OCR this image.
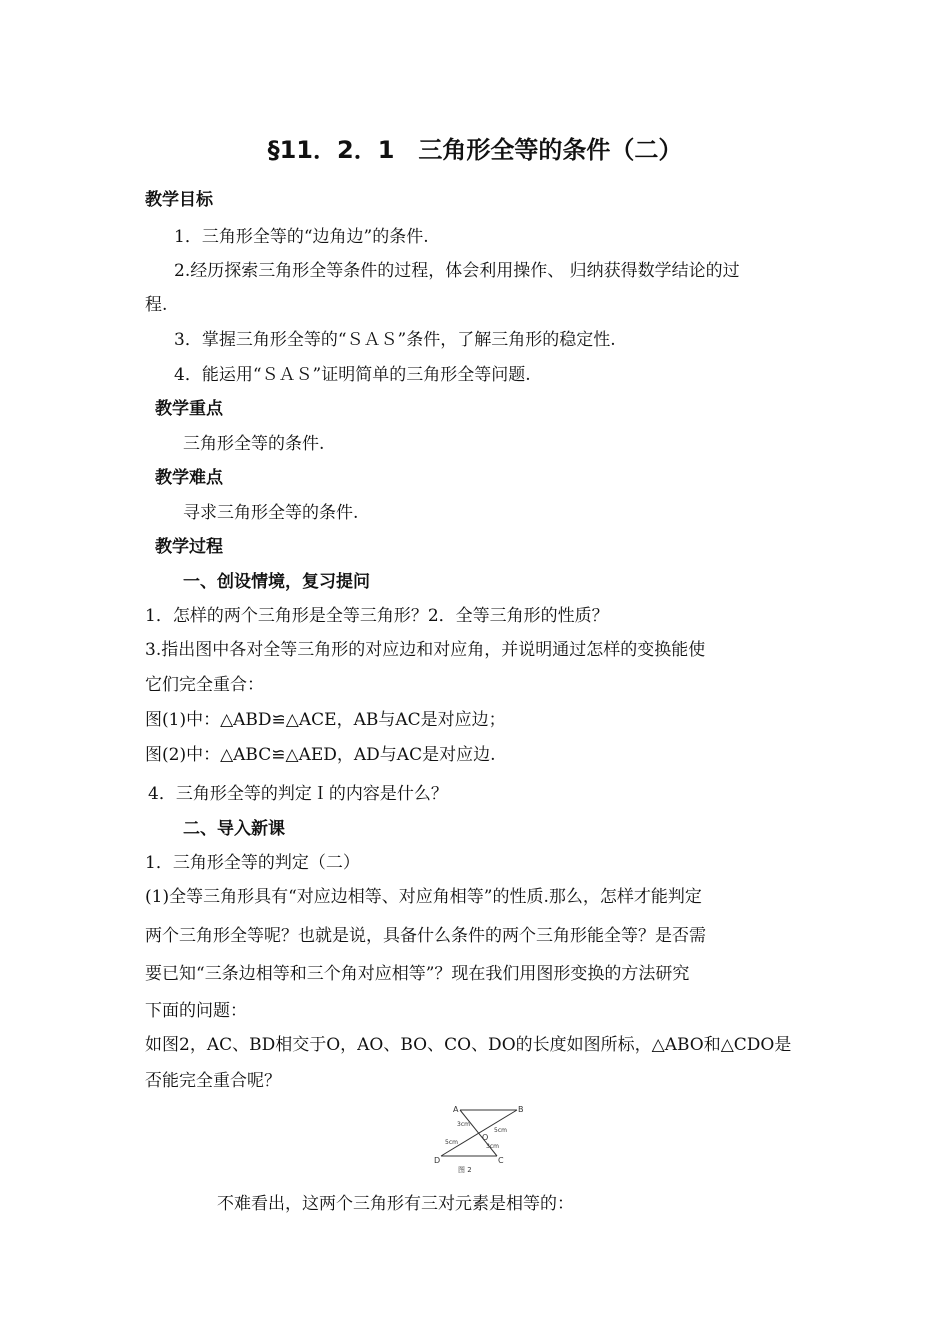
§11．2．1　三角形全等的条件（二）
教学目标
1．三角形全等的“边角边”的条件.
2.经历探索三角形全等条件的过程，体会利用操作、 归纳获得数学结论的过
程.
3．掌握三角形全等的“ＳＡＳ”条件，了解三角形的稳定性.
4．能运用“ＳＡＳ”证明简单的三角形全等问题.
教学重点
三角形全等的条件.
教学难点
寻求三角形全等的条件.
教学过程
一、创设情境，复习提问
1．怎样的两个三角形是全等三角形？2．全等三角形的性质？
3.指出图中各对全等三角形的对应边和对应角，并说明通过怎样的变换能使
它们完全重合：
图(1)中：△ABD≌△ACE，AB与AC是对应边；
图(2)中：△ABC≌△AED，AD与AC是对应边.
4．三角形全等的判定Ｉ的内容是什么？
二、导入新课
1．三角形全等的判定（二）
(1)全等三角形具有“对应边相等、对应角相等”的性质.那么，怎样才能判定
两个三角形全等呢？也就是说，具备什么条件的两个三角形能全等？是否需
要已知“三条边相等和三个角对应相等”？现在我们用图形变换的方法研究
下面的问题：
如图2，AC、BD相交于O，AO、BO、CO、DO的长度如图所标，△ABO和△CDO是
否能完全重合呢？
A	B
C
D
O
3cm
5cm
5cm
3cm
图 2
不难看出，这两个三角形有三对元素是相等的：
